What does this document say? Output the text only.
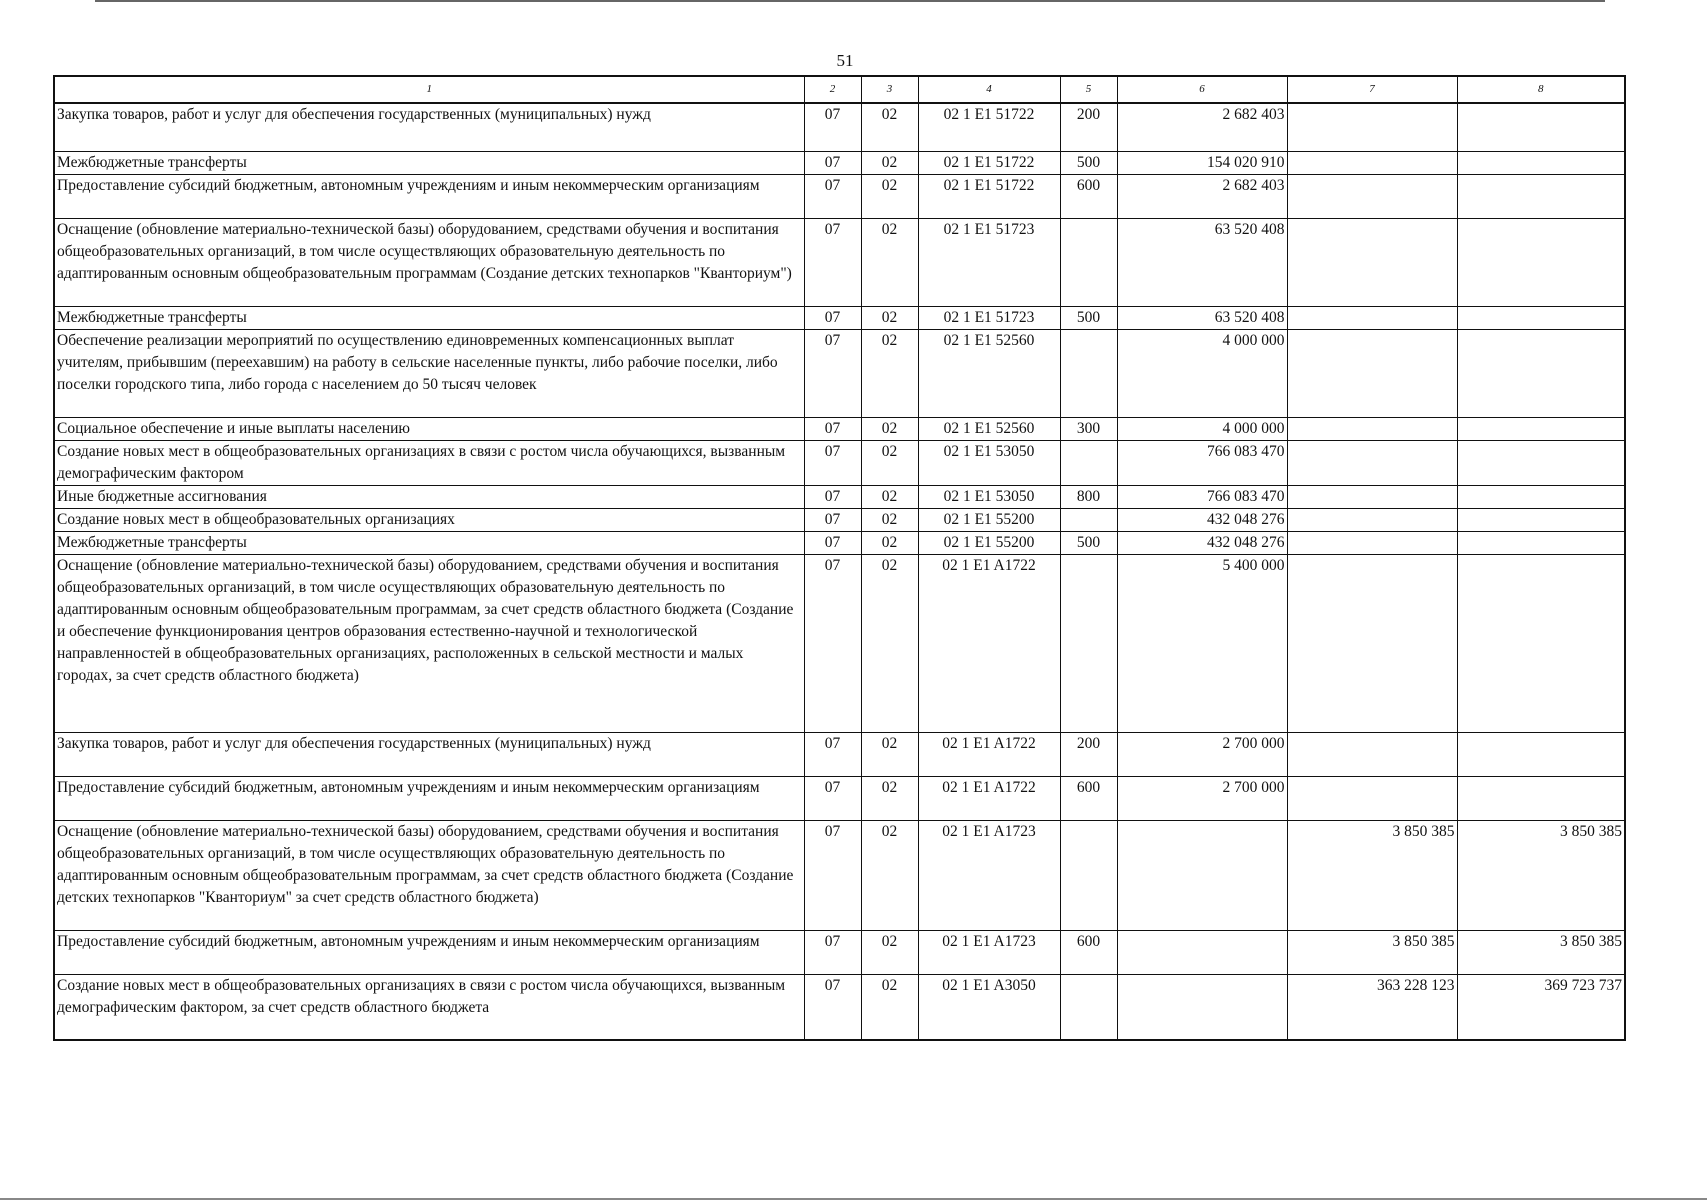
51
1	2	3	4	5	6	7	8
Закупка товаров, работ и услуг для обеспечения государственных (муниципальных) нужд	07	02	02 1 E1 51722	200	2 682 403		
Межбюджетные трансферты	07	02	02 1 E1 51722	500	154 020 910		
Предоставление субсидий бюджетным, автономным учреждениям и иным некоммерческим организациям	07	02	02 1 E1 51722	600	2 682 403		
Оснащение (обновление материально-технической базы) оборудованием, средствами обучения и воспитания общеобразовательных организаций, в том числе осуществляющих образовательную деятельность по адаптированным основным общеобразовательным программам (Создание детских технопарков "Кванториум")	07	02	02 1 E1 51723		63 520 408		
Межбюджетные трансферты	07	02	02 1 E1 51723	500	63 520 408		
Обеспечение реализации мероприятий по осуществлению единовременных компенсационных выплат учителям, прибывшим (переехавшим) на работу в сельские населенные пункты, либо рабочие поселки, либо поселки городского типа, либо города с населением до 50 тысяч человек	07	02	02 1 E1 52560		4 000 000		
Социальное обеспечение и иные выплаты населению	07	02	02 1 E1 52560	300	4 000 000		
Создание новых мест в общеобразовательных организациях в связи с ростом числа обучающихся, вызванным демографическим фактором	07	02	02 1 E1 53050		766 083 470		
Иные бюджетные ассигнования	07	02	02 1 E1 53050	800	766 083 470		
Создание новых мест в общеобразовательных организациях	07	02	02 1 E1 55200		432 048 276		
Межбюджетные трансферты	07	02	02 1 E1 55200	500	432 048 276		
Оснащение (обновление материально-технической базы) оборудованием, средствами обучения и воспитания общеобразовательных организаций, в том числе осуществляющих образовательную деятельность по адаптированным основным общеобразовательным программам, за счет средств областного бюджета (Создание и обеспечение функционирования центров образования естественно-научной и технологической направленностей в общеобразовательных организациях, расположенных в сельской местности и малых городах, за счет средств областного бюджета)	07	02	02 1 E1 A1722		5 400 000		
Закупка товаров, работ и услуг для обеспечения государственных (муниципальных) нужд	07	02	02 1 E1 A1722	200	2 700 000		
Предоставление субсидий бюджетным, автономным учреждениям и иным некоммерческим организациям	07	02	02 1 E1 A1722	600	2 700 000		
Оснащение (обновление материально-технической базы) оборудованием, средствами обучения и воспитания общеобразовательных организаций, в том числе осуществляющих образовательную деятельность по адаптированным основным общеобразовательным программам, за счет средств областного бюджета (Создание детских технопарков "Кванториум" за счет средств областного бюджета)	07	02	02 1 E1 A1723			3 850 385	3 850 385
Предоставление субсидий бюджетным, автономным учреждениям и иным некоммерческим организациям	07	02	02 1 E1 A1723	600		3 850 385	3 850 385
Создание новых мест в общеобразовательных организациях в связи с ростом числа обучающихся, вызванным демографическим фактором, за счет средств областного бюджета	07	02	02 1 E1 A3050			363 228 123	369 723 737
